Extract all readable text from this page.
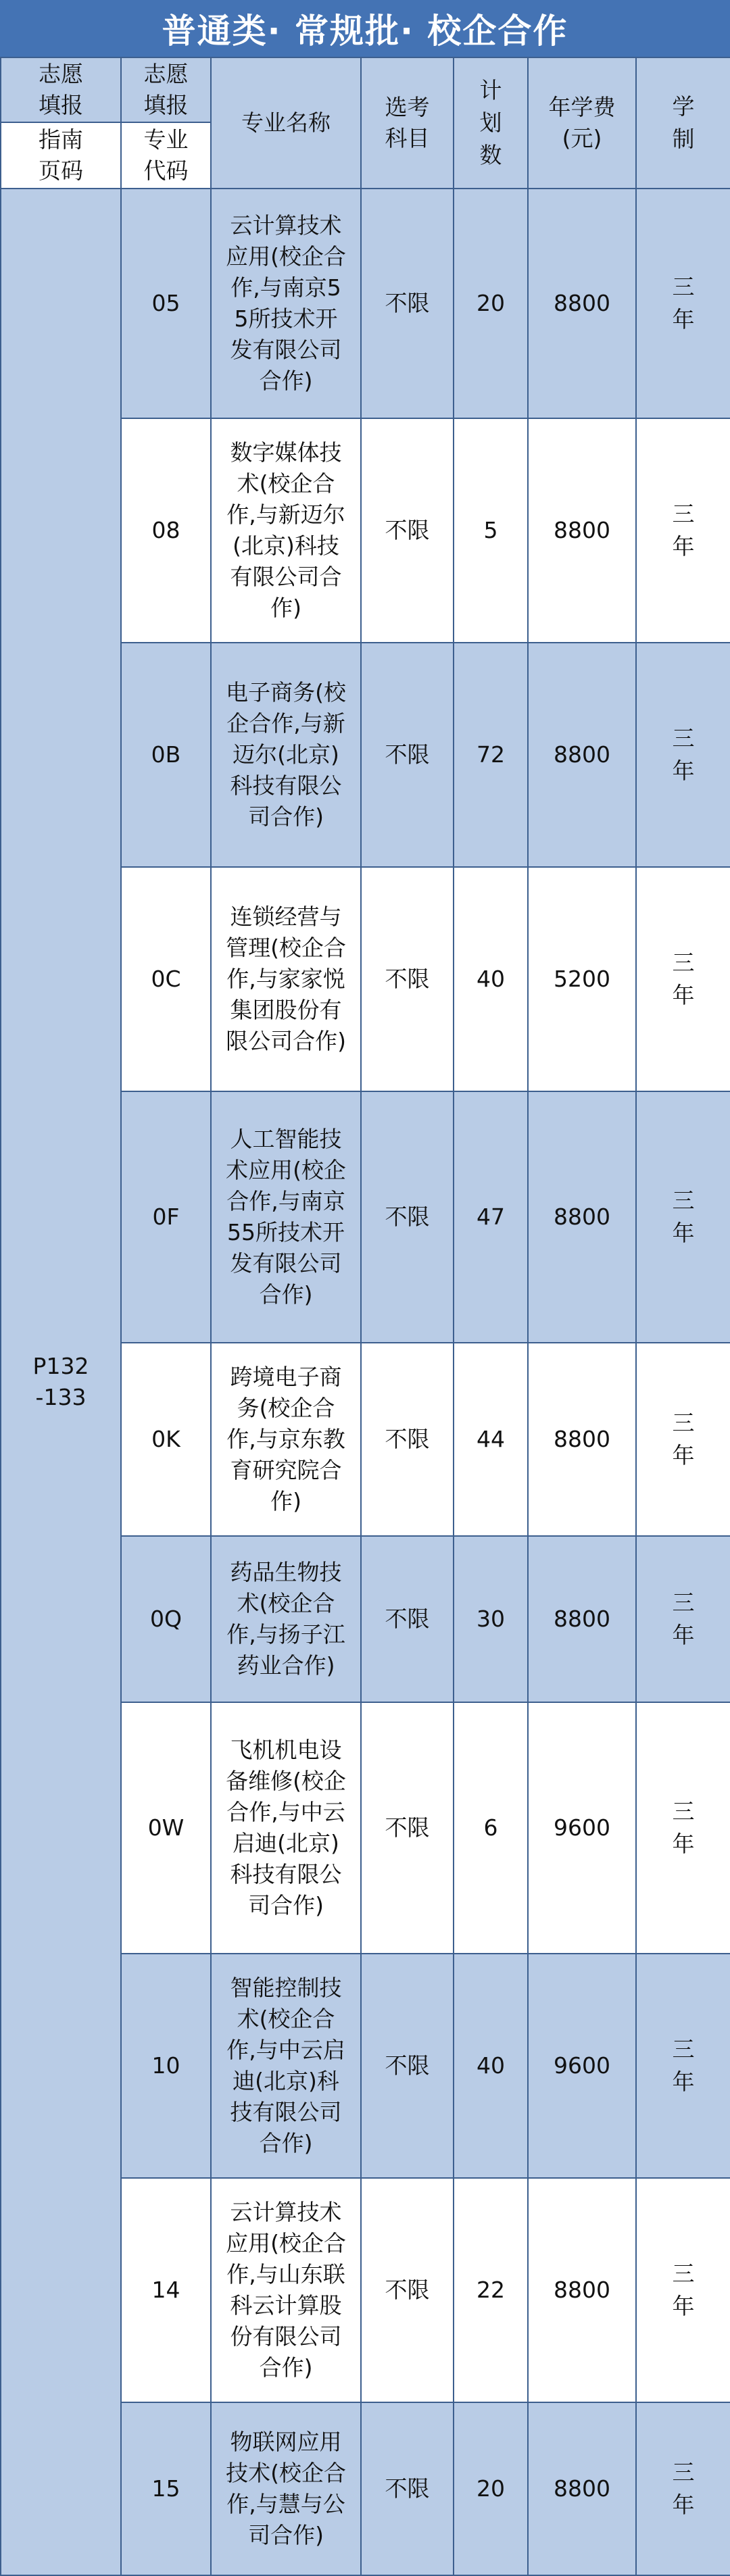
普通类· 常规批· 校企合作
志愿填报	志愿填报	专业名称	选考科目	计划数	年学费(元)	学制

指南页码	专业代码					

P132-133	05	云计算技术应用(校企合作,与南京55所技术开发有限公司合作)	不限	20	8800	三年

	08	数字媒体技术(校企合作,与新迈尔(北京)科技有限公司合作)	不限	5	8800	三年

	0B	电子商务(校企合作,与新迈尔(北京)科技有限公司合作)	不限	72	8800	三年

	0C	连锁经营与管理(校企合作,与家家悦集团股份有限公司合作)	不限	40	5200	三年

	0F	人工智能技术应用(校企合作,与南京55所技术开发有限公司合作)	不限	47	8800	三年

	0K	跨境电子商务(校企合作,与京东教育研究院合作)	不限	44	8800	三年

	0Q	药品生物技术(校企合作,与扬子江药业合作)	不限	30	8800	三年

	0W	飞机机电设备维修(校企合作,与中云启迪(北京)科技有限公司合作)	不限	6	9600	三年

	10	智能控制技术(校企合作,与中云启迪(北京)科技有限公司合作)	不限	40	9600	三年

	14	云计算技术应用(校企合作,与山东联科云计算股份有限公司合作)	不限	22	8800	三年

	15	物联网应用技术(校企合作,与慧与公司合作)	不限	20	8800	三年
